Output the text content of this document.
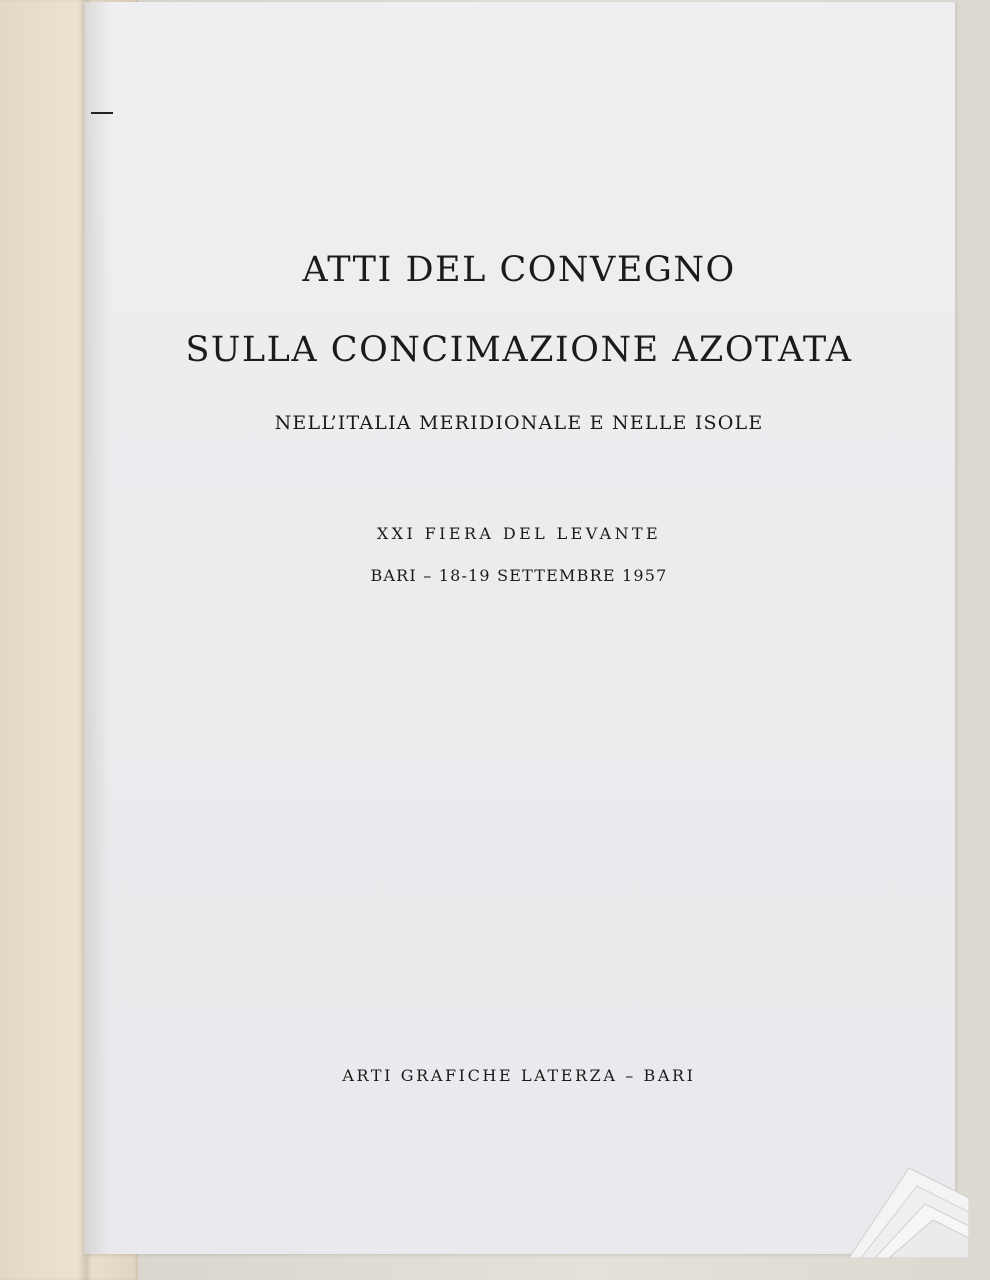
ATTI DEL CONVEGNO
SULLA CONCIMAZIONE AZOTATA
NELL’ITALIA MERIDIONALE E NELLE ISOLE
XXI FIERA DEL LEVANTE
BARI – 18-19 SETTEMBRE 1957
ARTI GRAFICHE LATERZA – BARI
